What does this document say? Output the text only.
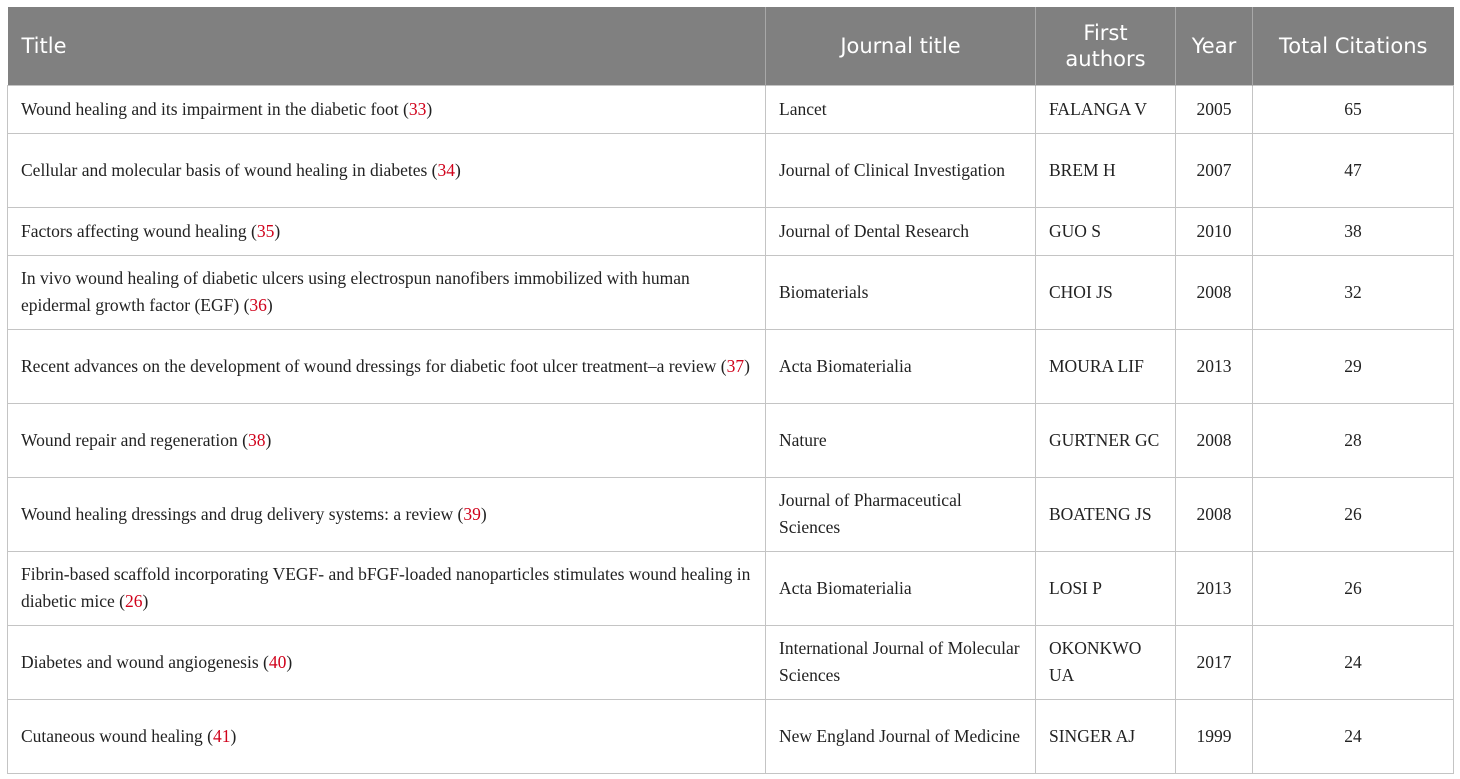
Title	Journal title	First authors	Year	Total Citations
Wound healing and its impairment in the diabetic foot (33)	Lancet	FALANGA V	2005	65
Cellular and molecular basis of wound healing in diabetes (34)	Journal of Clinical Investigation	BREM H	2007	47
Factors affecting wound healing (35)	Journal of Dental Research	GUO S	2010	38
In vivo wound healing of diabetic ulcers using electrospun nanofibers immobilized with human epidermal growth factor (EGF) (36)	Biomaterials	CHOI JS	2008	32
Recent advances on the development of wound dressings for diabetic foot ulcer treatment–a review (37)	Acta Biomaterialia	MOURA LIF	2013	29
Wound repair and regeneration (38)	Nature	GURTNER GC	2008	28
Wound healing dressings and drug delivery systems: a review (39)	Journal of Pharmaceutical Sciences	BOATENG JS	2008	26
Fibrin-based scaffold incorporating VEGF- and bFGF-loaded nanoparticles stimulates wound healing in diabetic mice (26)	Acta Biomaterialia	LOSI P	2013	26
Diabetes and wound angiogenesis (40)	International Journal of Molecular Sciences	OKONKWO UA	2017	24
Cutaneous wound healing (41)	New England Journal of Medicine	SINGER AJ	1999	24
